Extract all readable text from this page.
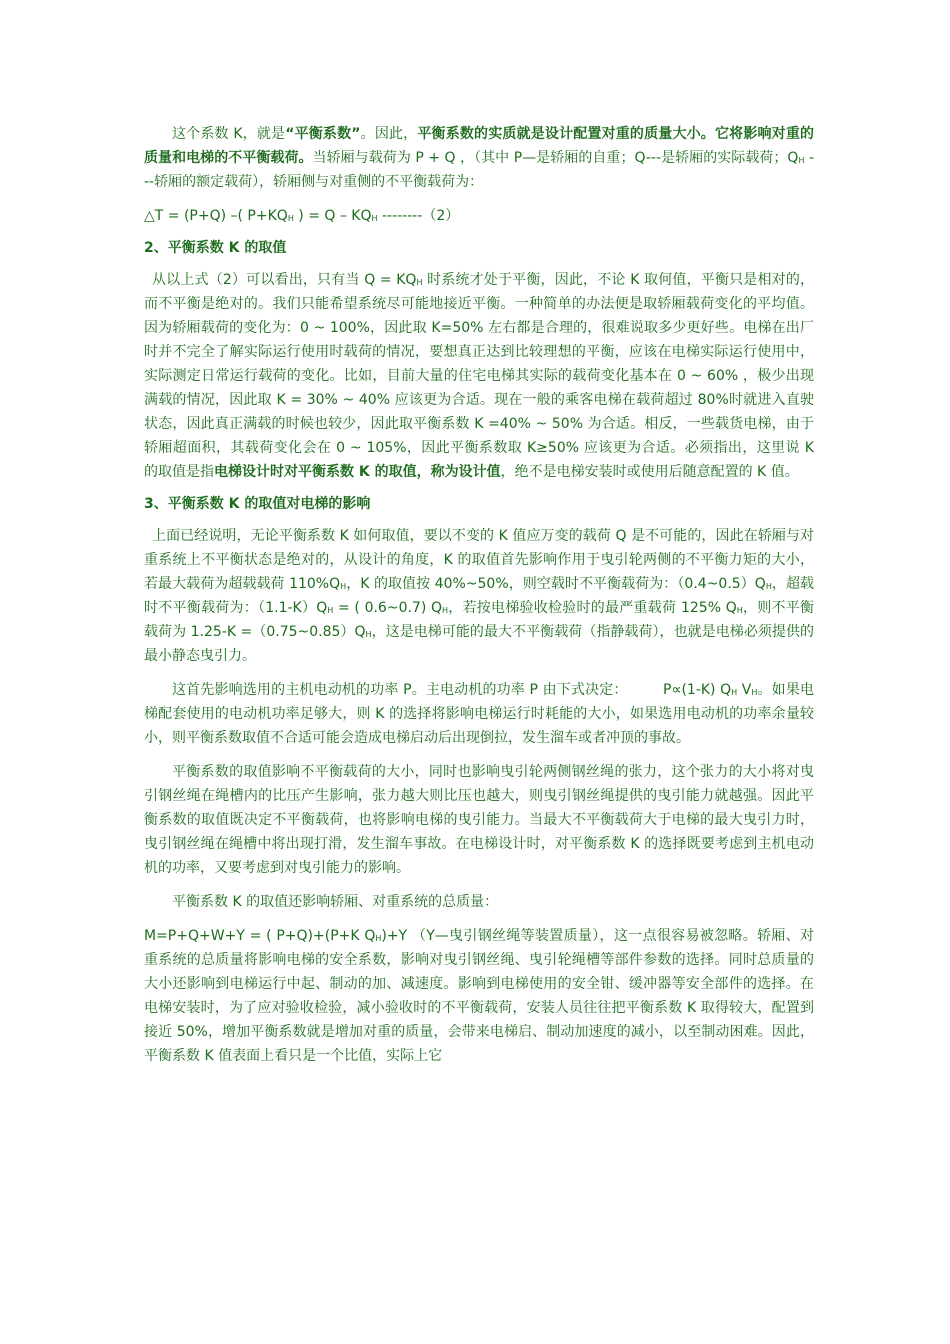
这个系数 K，就是“平衡系数”。因此，平衡系数的实质就是设计配置对重的质量大小。它将影响对重的质量和电梯的不平衡载荷。当轿厢与载荷为 P + Q ，（其中 P—是轿厢的自重；Q---是轿厢的实际载荷；$Q_H$ ---轿厢的额定载荷），轿厢侧与对重侧的不平衡载荷为：

△T = (P+Q) –( $P+KQ_H$ ) = Q – $KQ_H$ --------（2）

2、平衡系数 K 的取值

从以上式（2）可以看出，只有当 $Q = KQ_H$ 时系统才处于平衡，因此，不论 K 取何值，平衡只是相对的，而不平衡是绝对的。我们只能希望系统尽可能地接近平衡。一种简单的办法便是取轿厢载荷变化的平均值。因为轿厢载荷的变化为：0 ~ 100%，因此取 K=50% 左右都是合理的，很难说取多少更好些。电梯在出厂时并不完全了解实际运行使用时载荷的情况，要想真正达到比较理想的平衡，应该在电梯实际运行使用中，实际测定日常运行载荷的变化。比如，目前大量的住宅电梯其实际的载荷变化基本在 0 ~ 60% ，极少出现满载的情况，因此取 K = 30% ~ 40% 应该更为合适。现在一般的乘客电梯在载荷超过 80%时就进入直驶状态，因此真正满载的时候也较少，因此取平衡系数 K =40% ~ 50% 为合适。相反，一些载货电梯，由于轿厢超面积，其载荷变化会在 0 ~ 105%，因此平衡系数取 K≥50% 应该更为合适。必须指出，这里说 K 的取值是指电梯设计时对平衡系数 K 的取值，称为设计值，绝不是电梯安装时或使用后随意配置的 K 值。

3、平衡系数 K 的取值对电梯的影响

上面已经说明，无论平衡系数 K 如何取值，要以不变的 K 值应万变的载荷 Q 是不可能的，因此在轿厢与对重系统上不平衡状态是绝对的，从设计的角度，K 的取值首先影响作用于曳引轮两侧的不平衡力矩的大小，若最大载荷为超载载荷 $110\%Q_H$，K 的取值按 40%~50%，则空载时不平衡载荷为：$(0.4\sim 0.5)Q_H$，超载时不平衡载荷为：$(1.1-K)Q_H$ = ( 0.6~0.7) $Q_H$，若按电梯验收检验时的最严重载荷 125% $Q_H$，则不平衡载荷为 $1.25-K =(0.75\sim 0.85)Q_H$，这是电梯可能的最大不平衡载荷（指静载荷），也就是电梯必须提供的最小静态曳引力。

这首先影响选用的主机电动机的功率 P。主电动机的功率 P 由下式决定：　　　P∝(1-K) $Q_H$ $V_H$。如果电梯配套使用的电动机功率足够大，则 K 的选择将影响电梯运行时耗能的大小，如果选用电动机的功率余量较小，则平衡系数取值不合适可能会造成电梯启动后出现倒拉，发生溜车或者冲顶的事故。

平衡系数的取值影响不平衡载荷的大小，同时也影响曳引轮两侧钢丝绳的张力，这个张力的大小将对曳引钢丝绳在绳槽内的比压产生影响，张力越大则比压也越大，则曳引钢丝绳提供的曳引能力就越强。因此平衡系数的取值既决定不平衡载荷，也将影响电梯的曳引能力。当最大不平衡载荷大于电梯的最大曳引力时，曳引钢丝绳在绳槽中将出现打滑，发生溜车事故。在电梯设计时，对平衡系数 K 的选择既要考虑到主机电动机的功率，又要考虑到对曳引能力的影响。

平衡系数 K 的取值还影响轿厢、对重系统的总质量：

M=P+Q+W+Y = ( P+Q)+(P+K $Q_H)+Y$ （Y—曳引钢丝绳等装置质量），这一点很容易被忽略。轿厢、对重系统的总质量将影响电梯的安全系数，影响对曳引钢丝绳、曳引轮绳槽等部件参数的选择。同时总质量的大小还影响到电梯运行中起、制动的加、减速度。影响到电梯使用的安全钳、缓冲器等安全部件的选择。在电梯安装时，为了应对验收检验，减小验收时的不平衡载荷，安装人员往往把平衡系数 K 取得较大，配置到接近 50%，增加平衡系数就是增加对重的质量，会带来电梯启、制动加速度的减小，以至制动困难。因此，平衡系数 K 值表面上看只是一个比值，实际上它
